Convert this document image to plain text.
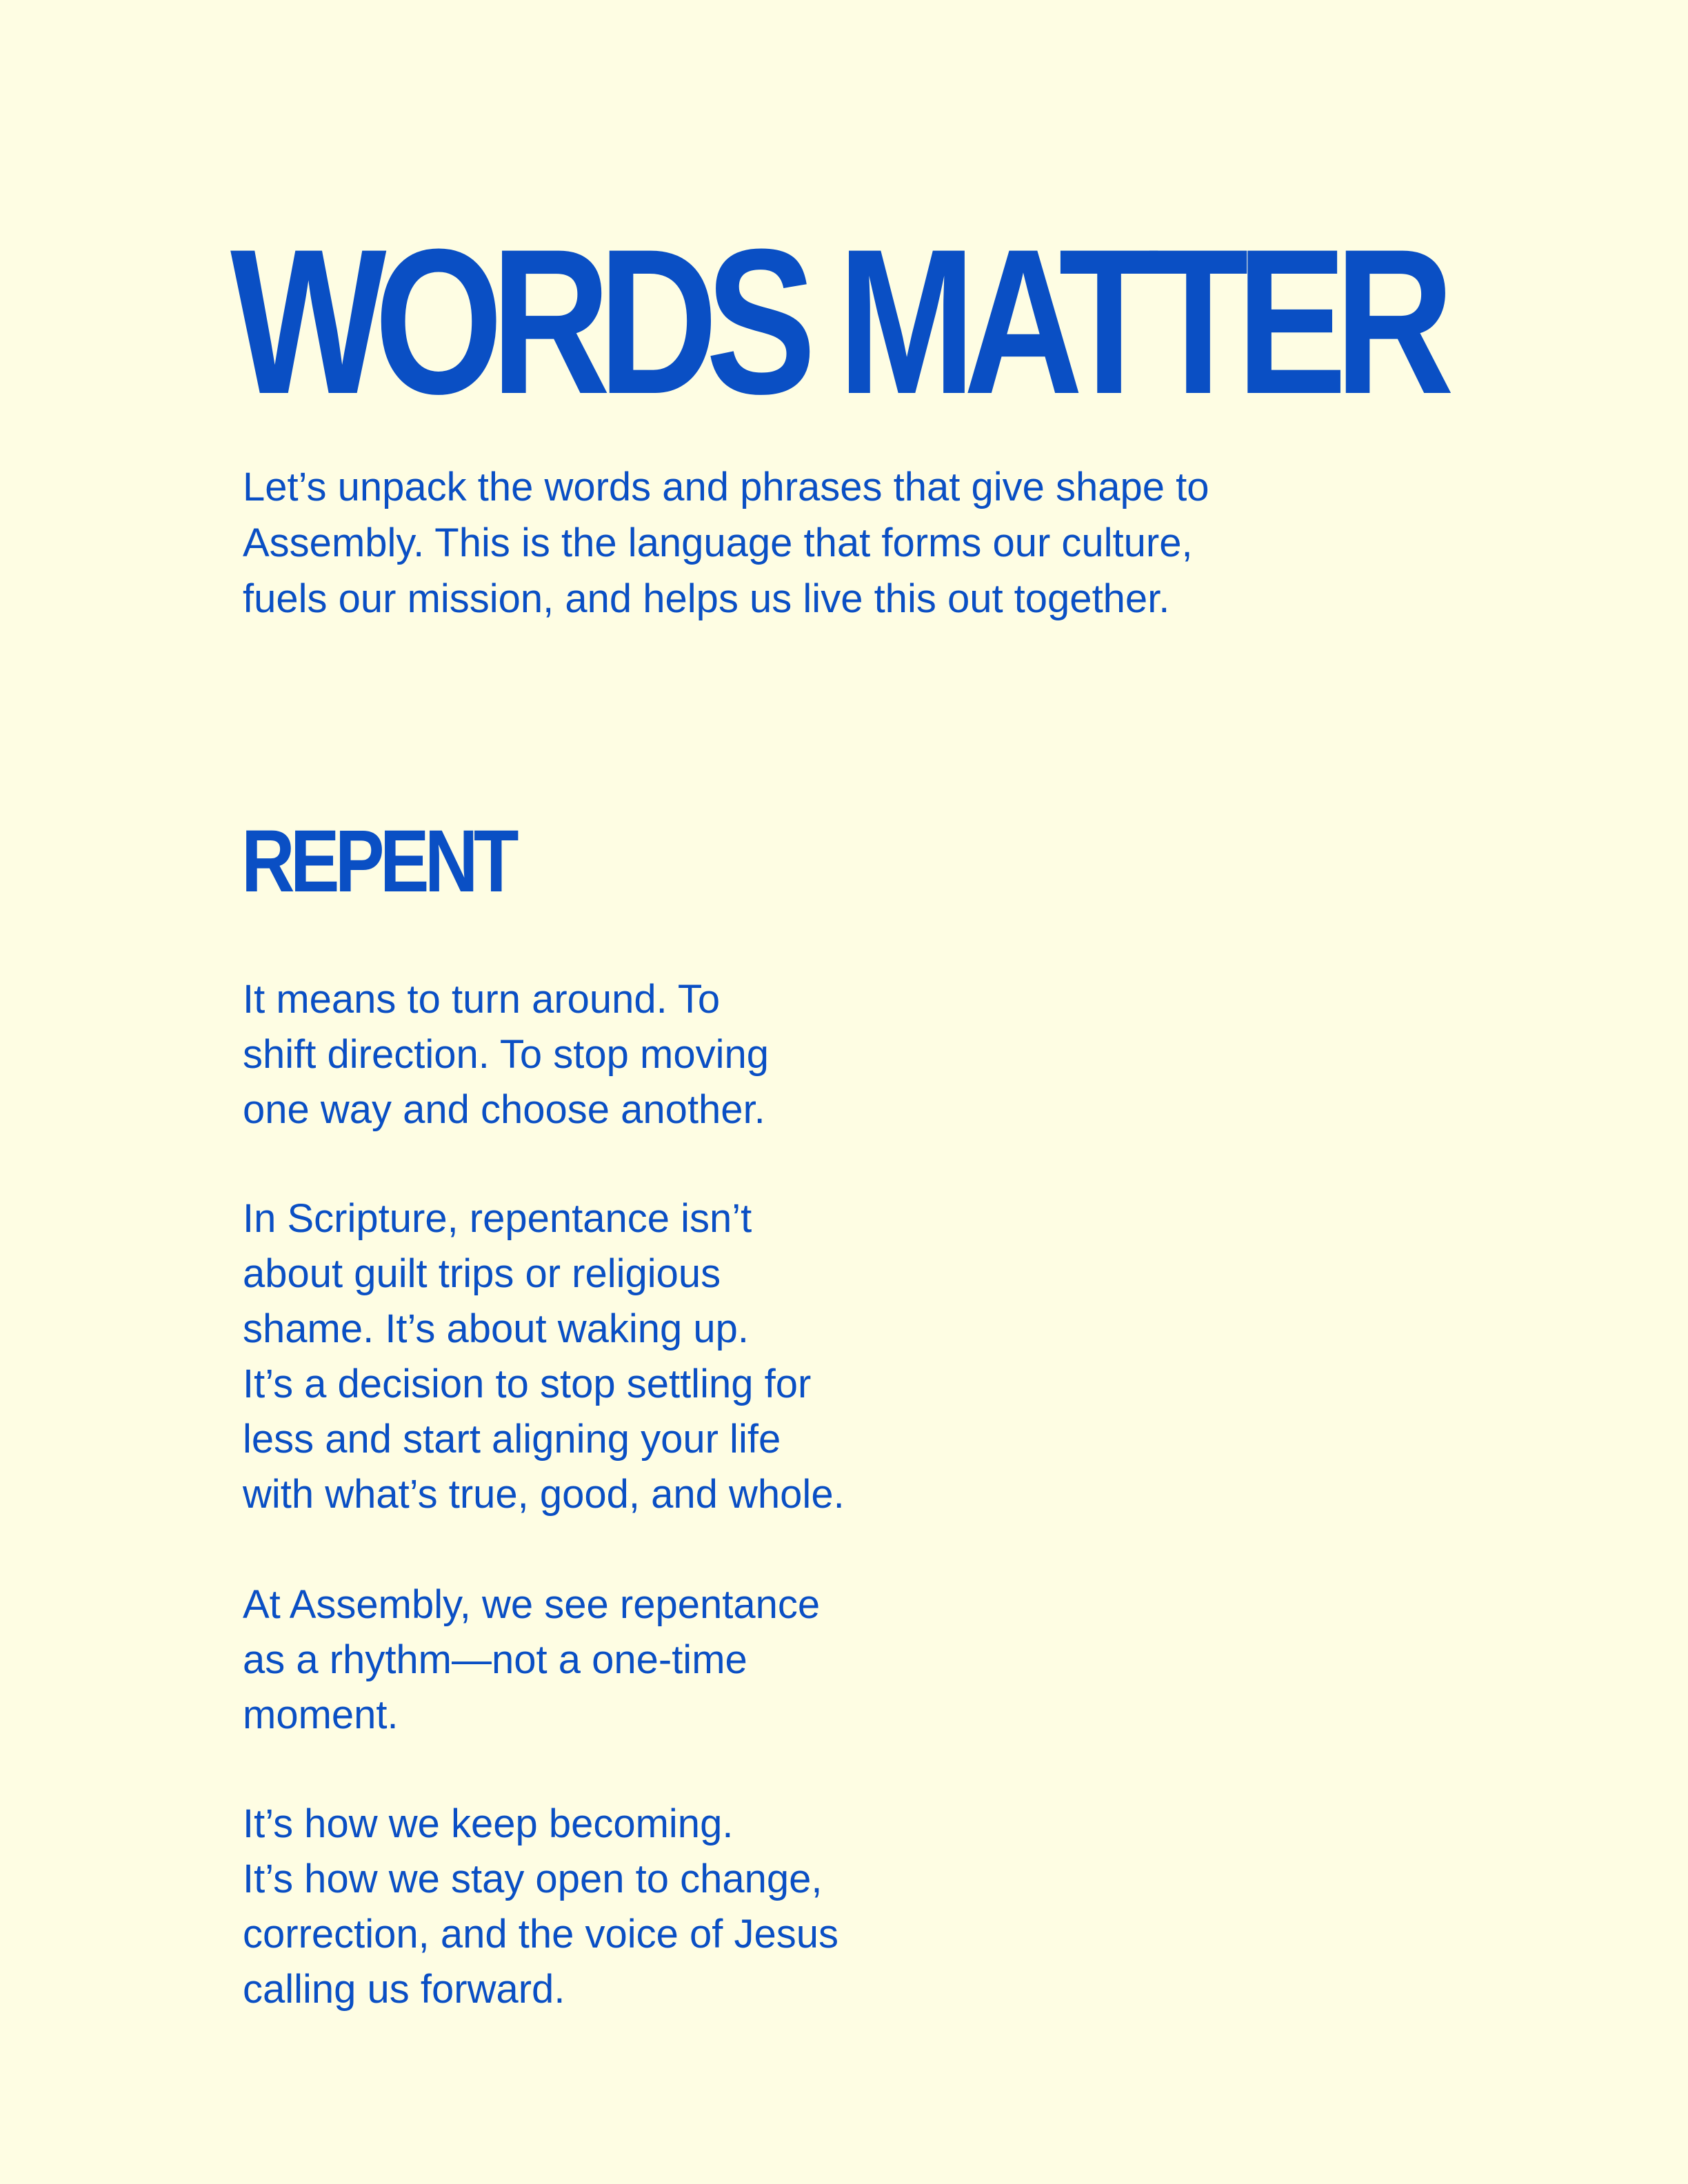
WORDS MATTER

Let’s unpack the words and phrases that give shape to
Assembly. This is the language that forms our culture,
fuels our mission, and helps us live this out together.

REPENT

It means to turn around. To
shift direction. To stop moving
one way and choose another.

In Scripture, repentance isn’t
about guilt trips or religious
shame. It’s about waking up.
It’s a decision to stop settling for
less and start aligning your life
with what’s true, good, and whole.

At Assembly, we see repentance
as a rhythm—not a one-time
moment.

It’s how we keep becoming.
It’s how we stay open to change,
correction, and the voice of Jesus
calling us forward.
